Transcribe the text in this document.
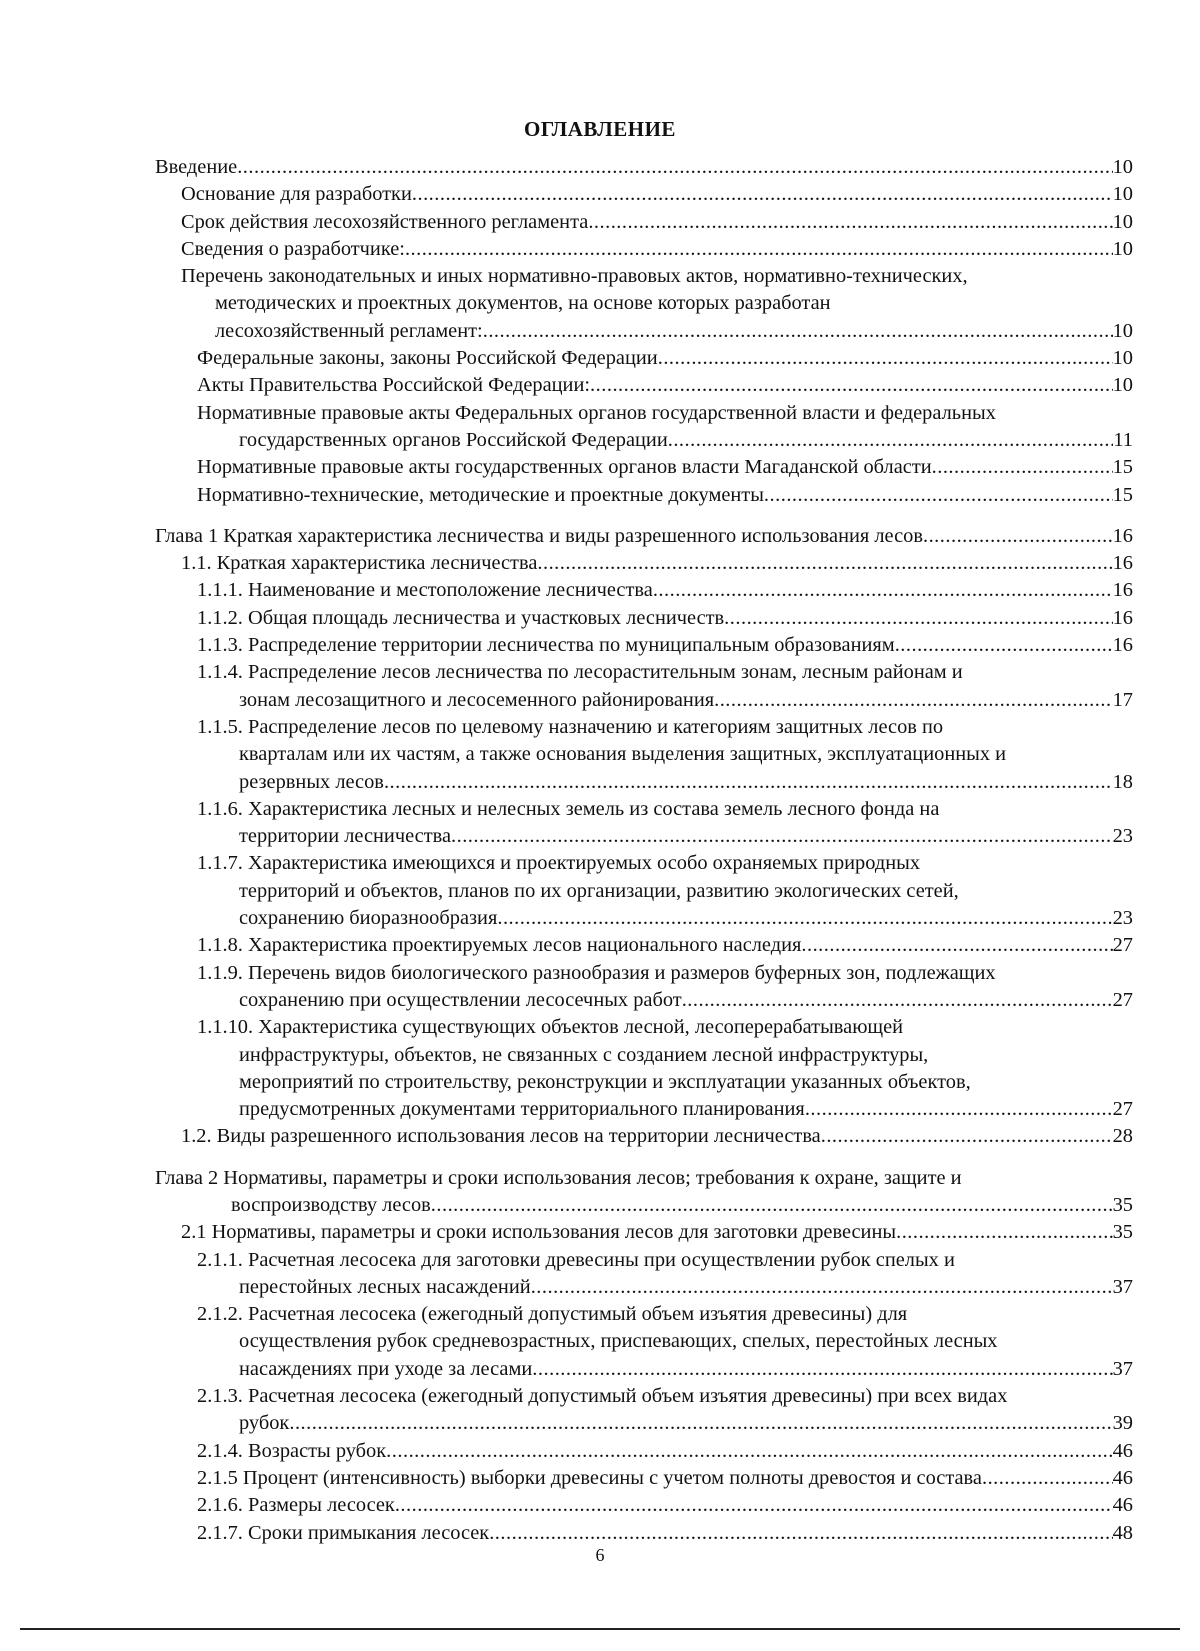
ОГЛАВЛЕНИЕ
Введение .....	10
Основание для разработки .....	10
Срок действия лесохозяйственного регламента .....	10
Сведения о разработчике: .....	10
Перечень законодательных и иных нормативно-правовых актов, нормативно-технических,
методических и проектных документов, на основе которых разработан
лесохозяйственный регламент: .....	10
Федеральные законы, законы Российской Федерации .....	10
Акты Правительства Российской Федерации: .....	10
Нормативные правовые акты Федеральных органов государственной власти и федеральных
государственных органов Российской Федерации .....	11
Нормативные правовые акты государственных органов власти Магаданской области .....	15
Нормативно-технические, методические и проектные документы .....	15
Глава 1 Краткая характеристика лесничества и виды разрешенного использования лесов .....	16
1.1. Краткая характеристика лесничества .....	16
1.1.1. Наименование и местоположение лесничества .....	16
1.1.2. Общая площадь лесничества и участковых лесничеств .....	16
1.1.3. Распределение территории лесничества по муниципальным образованиям .....	16
1.1.4. Распределение лесов лесничества по лесорастительным зонам, лесным районам и
зонам лесозащитного и лесосеменного районирования .....	17
1.1.5. Распределение лесов по целевому назначению и категориям защитных лесов по
кварталам или их частям, а также основания выделения защитных, эксплуатационных и
резервных лесов .....	18
1.1.6. Характеристика лесных и нелесных земель из состава земель лесного фонда на
территории лесничества .....	23
1.1.7. Характеристика имеющихся и проектируемых особо охраняемых природных
территорий и объектов, планов по их организации, развитию экологических сетей,
сохранению биоразнообразия .....	23
1.1.8. Характеристика проектируемых лесов национального наследия .....	27
1.1.9. Перечень видов биологического разнообразия и размеров буферных зон, подлежащих
сохранению при осуществлении лесосечных работ .....	27
1.1.10. Характеристика существующих объектов лесной, лесоперерабатывающей
инфраструктуры, объектов, не связанных с созданием лесной инфраструктуры,
мероприятий по строительству, реконструкции и эксплуатации указанных объектов,
предусмотренных документами территориального планирования .....	27
1.2. Виды разрешенного использования лесов на территории лесничества .....	28
Глава 2 Нормативы, параметры и сроки использования лесов; требования к охране, защите и
воспроизводству лесов .....	35
2.1 Нормативы, параметры и сроки использования лесов для заготовки древесины .....	35
2.1.1. Расчетная лесосека для заготовки древесины при осуществлении рубок спелых и
перестойных лесных насаждений .....	37
2.1.2. Расчетная лесосека (ежегодный допустимый объем изъятия древесины) для
осуществления рубок средневозрастных, приспевающих, спелых, перестойных лесных
насаждениях при уходе за лесами .....	37
2.1.3. Расчетная лесосека (ежегодный допустимый объем изъятия древесины) при всех видах
рубок .....	39
2.1.4. Возрасты рубок .....	46
2.1.5 Процент (интенсивность) выборки древесины с учетом полноты древостоя и состава .....	46
2.1.6. Размеры лесосек .....	46
2.1.7. Сроки примыкания лесосек .....	48
6
